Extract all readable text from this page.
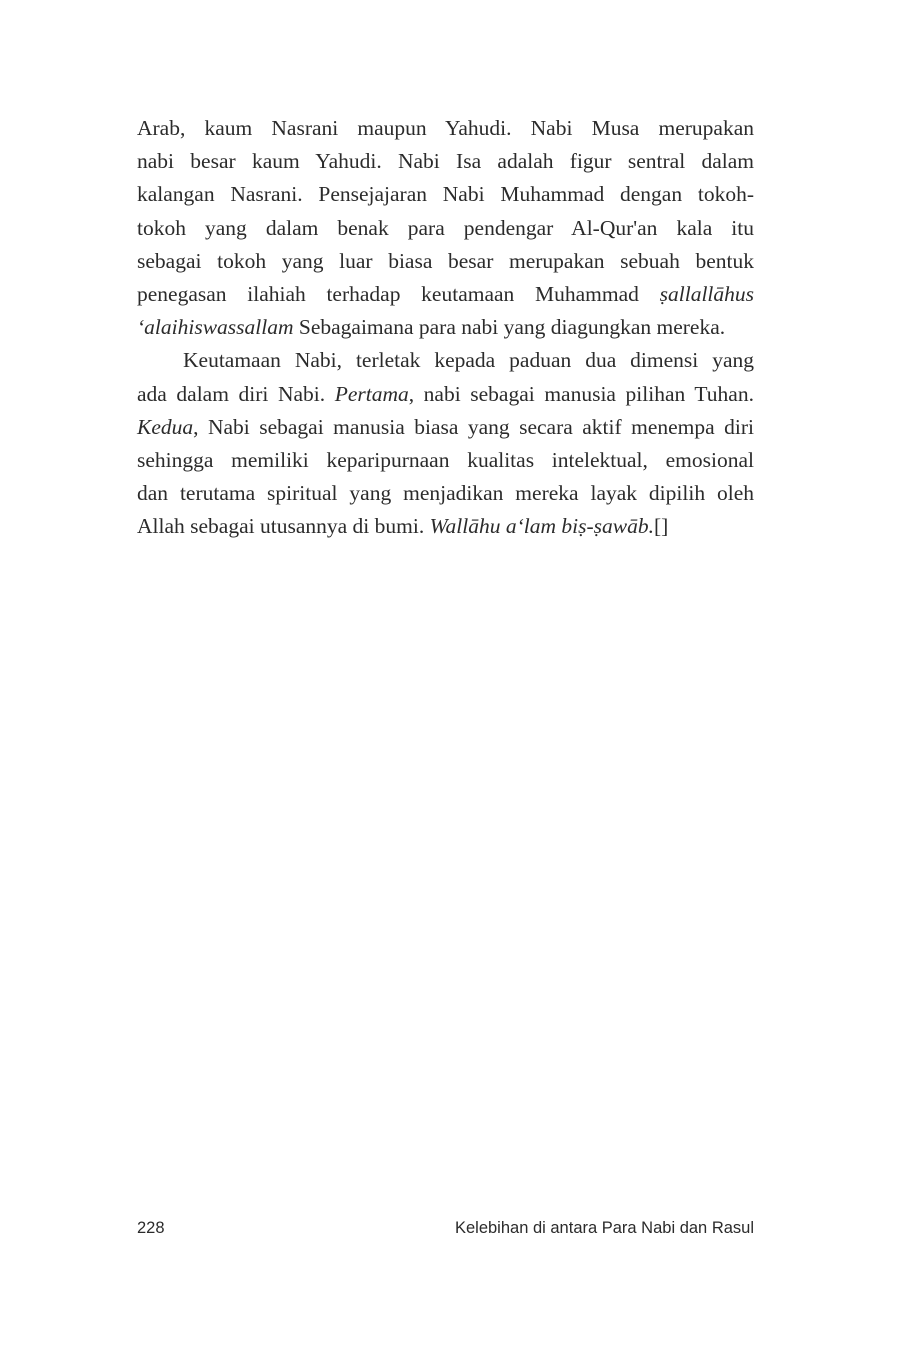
Arab, kaum Nasrani maupun Yahudi. Nabi Musa merupakan
nabi besar kaum Yahudi. Nabi Isa adalah figur sentral dalam
kalangan Nasrani. Pensejajaran Nabi Muhammad dengan tokoh-
tokoh yang dalam benak para pendengar Al-Qur'an kala itu
sebagai tokoh yang luar biasa besar merupakan sebuah bentuk
penegasan ilahiah terhadap keutamaan Muhammad ṣallallāhus
‘alaihiswassallam Sebagaimana para nabi yang diagungkan mereka.

Keutamaan Nabi, terletak kepada paduan dua dimensi yang
ada dalam diri Nabi. Pertama, nabi sebagai manusia pilihan Tuhan.
Kedua, Nabi sebagai manusia biasa yang secara aktif menempa diri
sehingga memiliki keparipurnaan kualitas intelektual, emosional
dan terutama spiritual yang menjadikan mereka layak dipilih oleh
Allah sebagai utusannya di bumi. Wallāhu a‘lam biṣ-ṣawāb.[]

228	Kelebihan di antara Para Nabi dan Rasul
